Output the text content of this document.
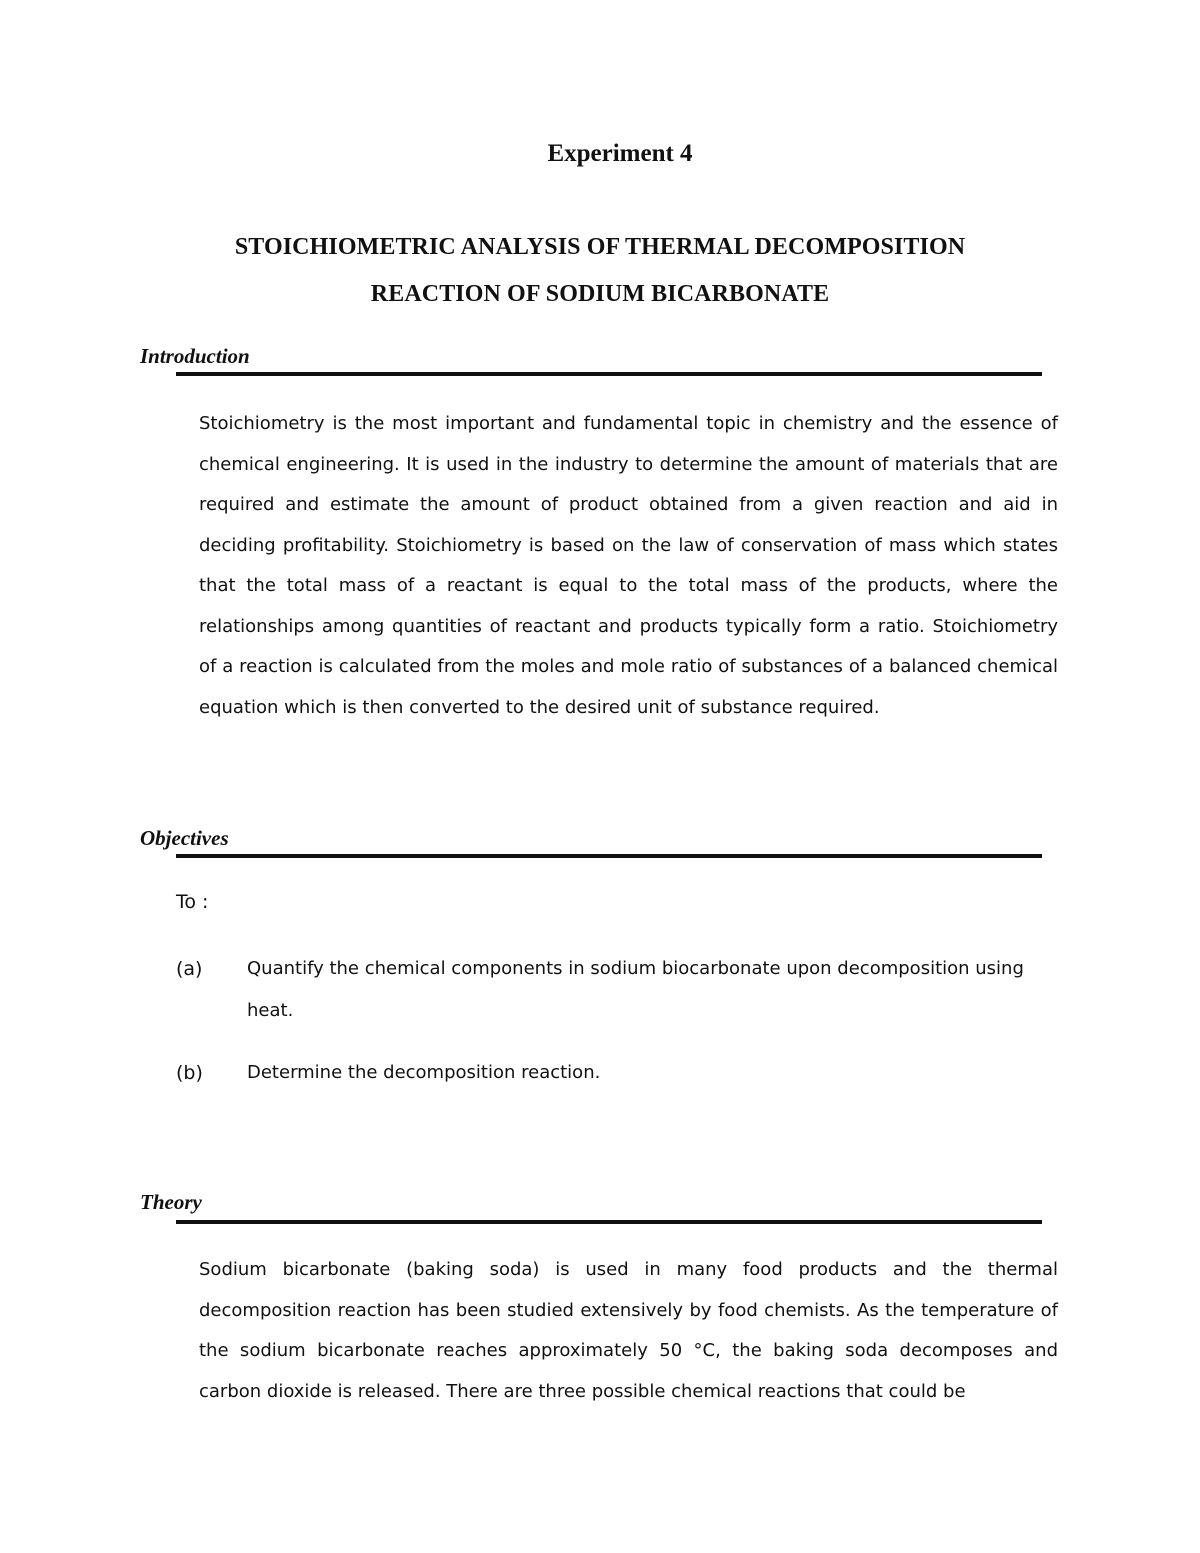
Experiment 4
STOICHIOMETRIC ANALYSIS OF THERMAL DECOMPOSITION
REACTION OF SODIUM BICARBONATE
Introduction

Stoichiometry is the most important and fundamental topic in chemistry and the essence of chemical engineering. It is used in the industry to determine the amount of materials that are required and estimate the amount of product obtained from a given reaction and aid in deciding profitability. Stoichiometry is based on the law of conservation of mass which states that the total mass of a reactant is equal to the total mass of the products, where the relationships among quantities of reactant and products typically form a ratio. Stoichiometry of a reaction is calculated from the moles and mole ratio of substances of a balanced chemical equation which is then converted to the desired unit of substance required.

Objectives
To :
(a) Quantify the chemical components in sodium biocarbonate upon decomposition using heat.

(b) Determine the decomposition reaction.

Theory

Sodium bicarbonate (baking soda) is used in many food products and the thermal decomposition reaction has been studied extensively by food chemists. As the temperature of the sodium bicarbonate reaches approximately 50 °C, the baking soda decomposes and carbon dioxide is released. There are three possible chemical reactions that could be
